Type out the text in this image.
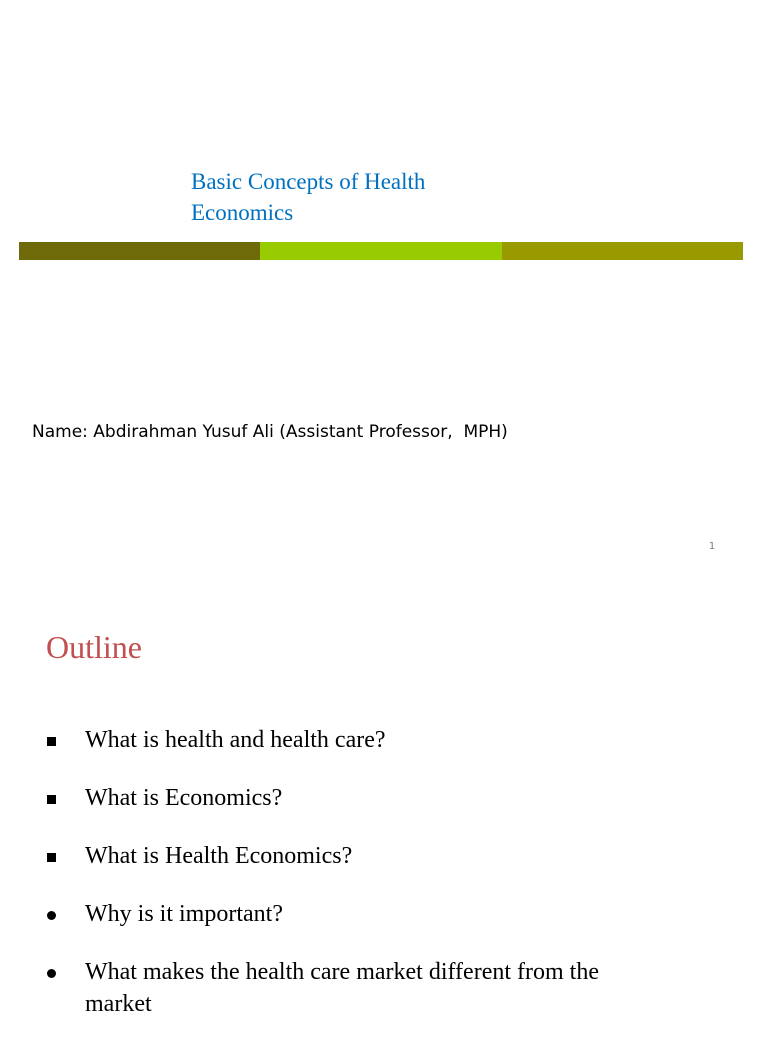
Basic Concepts of Health Economics
Name: Abdirahman Yusuf Ali (Assistant Professor,  MPH)
1
Outline
What is health and health care?
What is Economics?
What is Health Economics?
Why is it important?
What makes the health care market different from the market
